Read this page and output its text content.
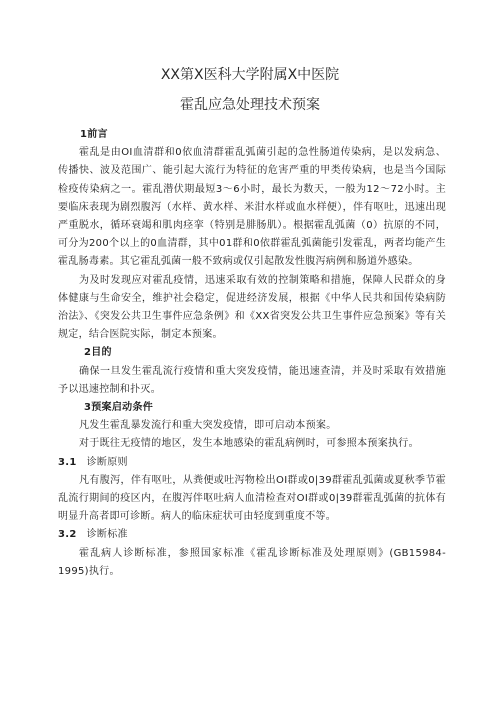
XX第X医科大学附属X中医院
霍乱应急处理技术预案
1前言

霍乱是由OI血清群和0依血清群霍乱弧菌引起的急性肠道传染病，是以发病急、传播快、波及范围广、能引起大流行为特征的危害严重的甲类传染病，也是当今国际检疫传染病之一。霍乱潜伏期最短3〜6小时，最长为数天，一般为12〜72小时。主要临床表现为剧烈腹泻（水样、黄水样、米泔水样或血水样便），伴有呕吐，迅速出现严重脱水，循环衰竭和肌肉痉挛（特别是腓肠肌）。根据霍乱弧菌（0）抗原的不同，可分为200个以上的0血清群，其中01群和0依群霍乱弧菌能引发霍乱，两者均能产生霍乱肠毒素。其它霍乱弧菌一般不致病或仅引起散发性腹泻病例和肠道外感染。

为及时发现应对霍乱疫情，迅速采取有效的控制策略和措施，保障人民群众的身体健康与生命安全，维护社会稳定，促进经济发展，根据《中华人民共和国传染病防治法》、《突发公共卫生事件应急条例》和《XX省突发公共卫生事件应急预案》等有关规定，结合医院实际，制定本预案。

2目的

确保一旦发生霍乱流行疫情和重大突发疫情，能迅速查清，并及时采取有效措施予以迅速控制和扑灭。

3预案启动条件

凡发生霍乱暴发流行和重大突发疫情，即可启动本预案。

对于既往无疫情的地区，发生本地感染的霍乱病例时，可参照本预案执行。

3.1 诊断原则

凡有腹泻，伴有呕吐，从粪便或吐泻物检出OI群或0|39群霍乱弧菌或夏秋季节霍乱流行期间的疫区内，在腹泻伴呕吐病人血清检查对OI群或0|39群霍乱弧菌的抗体有明显升高者即可诊断。病人的临床症状可由轻度到重度不等。

3.2 诊断标准

霍乱病人诊断标准，参照国家标准《霍乱诊断标准及处理原则》(GB15984-1995)执行。
